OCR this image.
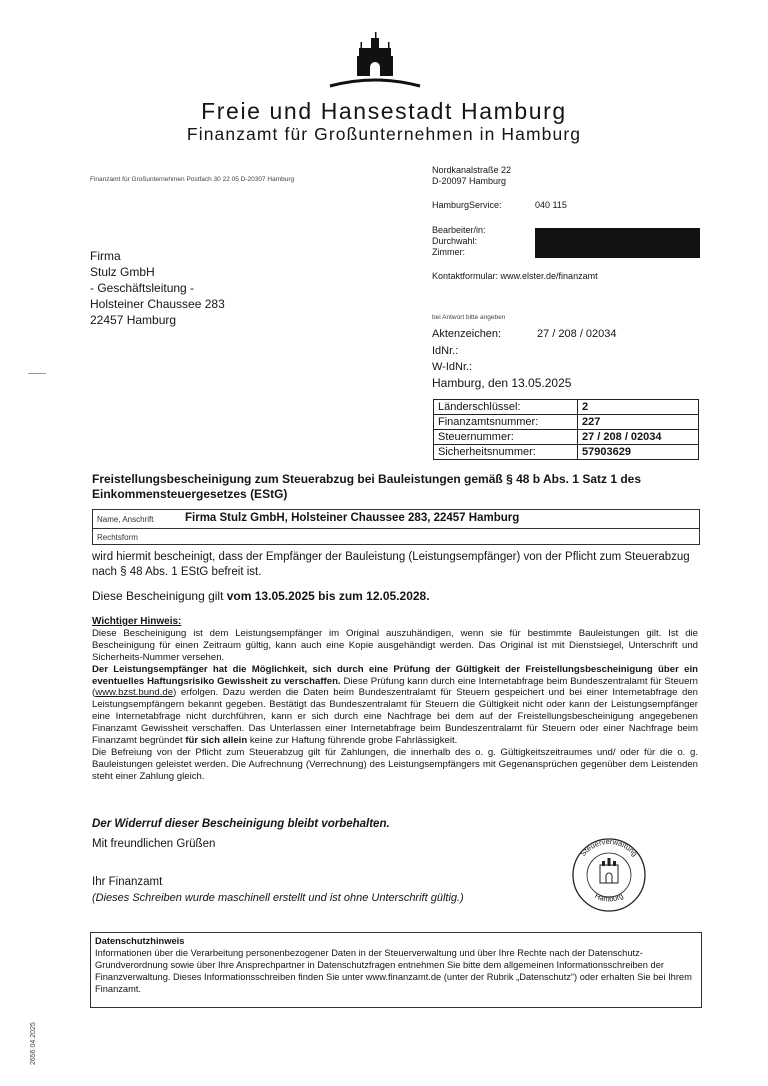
Freie und Hansestadt Hamburg
Finanzamt für Großunternehmen in Hamburg
Finanzamt für Großunternehmen Postfach 30 22 05 D-20307 Hamburg
Nordkanalstraße 22
D-20097 Hamburg
HamburgService:	040 115
Bearbeiter/in:
Durchwahl:
Zimmer:
Kontaktformular: www.elster.de/finanzamt
Firma
Stulz GmbH
- Geschäftsleitung -
Holsteiner Chaussee 283
22457 Hamburg	bei Antwort bitte angeben
Aktenzeichen:	27 / 208 / 02034
IdNr.:
W-IdNr.:
Hamburg, den 13.05.2025
Länderschlüssel:	2
Finanzamtsnummer:	227
Steuernummer:	27 / 208 / 02034
Sicherheitsnummer:	57903629
Freistellungsbescheinigung zum Steuerabzug bei Bauleistungen gemäß § 48 b Abs. 1 Satz 1 des Einkommensteuergesetzes (EStG)
Name, Anschrift	Firma Stulz GmbH, Holsteiner Chaussee 283, 22457 Hamburg
Rechtsform
wird hiermit bescheinigt, dass der Empfänger der Bauleistung (Leistungsempfänger) von der Pflicht zum Steuerabzug nach § 48 Abs. 1 EStG befreit ist.
Diese Bescheinigung gilt vom 13.05.2025 bis zum 12.05.2028.
Wichtiger Hinweis:
Diese Bescheinigung ist dem Leistungsempfänger im Original auszuhändigen, wenn sie für bestimmte Bauleistungen gilt. Ist die Bescheinigung für einen Zeitraum gültig, kann auch eine Kopie ausgehändigt werden. Das Original ist mit Dienstsiegel, Unterschrift und Sicherheits-Nummer versehen.
Der Leistungsempfänger hat die Möglichkeit, sich durch eine Prüfung der Gültigkeit der Freistellungsbescheinigung über ein eventuelles Haftungsrisiko Gewissheit zu verschaffen. Diese Prüfung kann durch eine Internetabfrage beim Bundeszentralamt für Steuern (www.bzst.bund.de) erfolgen. Dazu werden die Daten beim Bundeszentralamt für Steuern gespeichert und bei einer Internetabfrage den Leistungsempfängern bekannt gegeben. Bestätigt das Bundeszentralamt für Steuern die Gültigkeit nicht oder kann der Leistungsempfänger eine Internetabfrage nicht durchführen, kann er sich durch eine Nachfrage bei dem auf der Freistellungsbescheinigung angegebenen Finanzamt Gewissheit verschaffen. Das Unterlassen einer Internetabfrage beim Bundeszentralamt für Steuern oder einer Nachfrage beim Finanzamt begründet für sich allein keine zur Haftung führende grobe Fahrlässigkeit.
Die Befreiung von der Pflicht zum Steuerabzug gilt für Zahlungen, die innerhalb des o. g. Gültigkeitszeitraumes und/ oder für die o. g. Bauleistungen geleistet werden. Die Aufrechnung (Verrechnung) des Leistungsempfängers mit Gegenansprüchen gegenüber dem Leistenden steht einer Zahlung gleich.
Der Widerruf dieser Bescheinigung bleibt vorbehalten.
Mit freundlichen Grüßen
Ihr Finanzamt
(Dieses Schreiben wurde maschinell erstellt und ist ohne Unterschrift gültig.)
Steuerverwaltung
Hamburg
Datenschutzhinweis
Informationen über die Verarbeitung personenbezogener Daten in der Steuerverwaltung und über Ihre Rechte nach der Datenschutz-Grundverordnung sowie über Ihre Ansprechpartner in Datenschutzfragen entnehmen Sie bitte dem allgemeinen Informationsschreiben der Finanzverwaltung. Dieses Informationsschreiben finden Sie unter www.finanzamt.de (unter der Rubrik „Datenschutz“) oder erhalten Sie bei Ihrem Finanzamt.
2656 04.2025
